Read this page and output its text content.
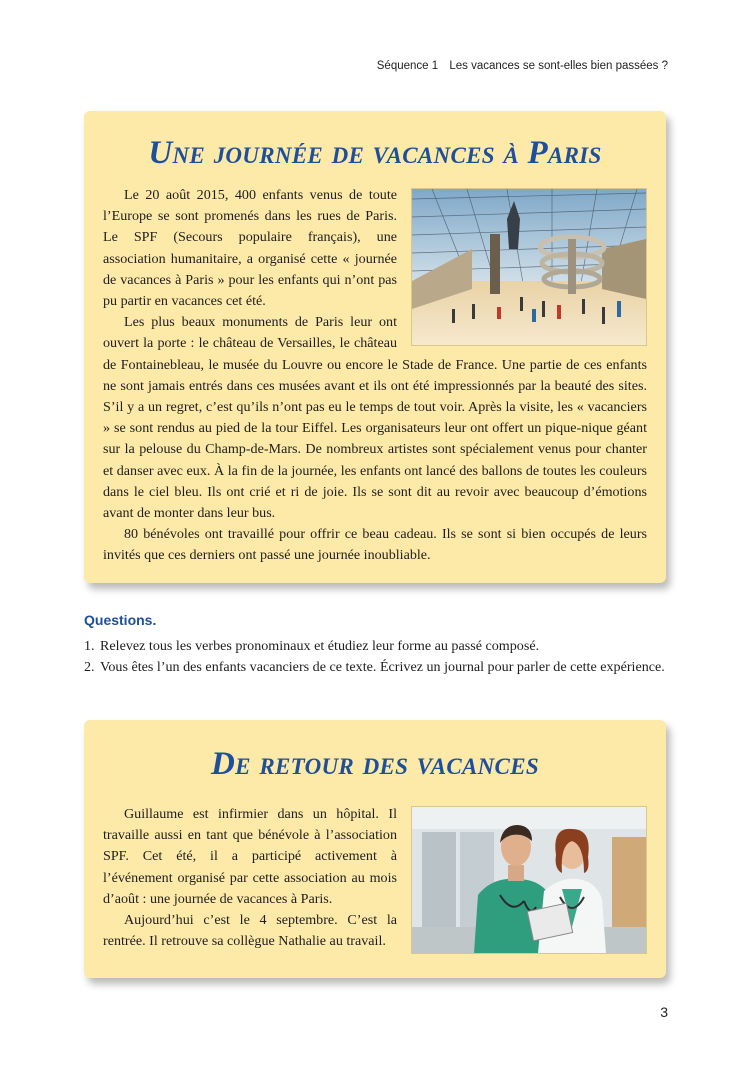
Séquence 1 Les vacances se sont-elles bien passées ?
Une journée de vacances à Paris

Le 20 août 2015, 400 enfants venus de toute l’Europe se sont promenés dans les rues de Paris. Le SPF (Secours populaire français), une association humanitaire, a organisé cette « journée de vacances à Paris » pour les enfants qui n’ont pas pu partir en vacances cet été.

Les plus beaux monuments de Paris leur ont ouvert la porte : le château de Versailles, le château de Fontainebleau, le musée du Louvre ou encore le Stade de France. Une partie de ces enfants ne sont jamais entrés dans ces musées avant et ils ont été impressionnés par la beauté des sites. S’il y a un regret, c’est qu’ils n’ont pas eu le temps de tout voir. Après la visite, les « vacanciers » se sont rendus au pied de la tour Eiffel. Les organisateurs leur ont offert un pique-nique géant sur la pelouse du Champ-de-Mars. De nombreux artistes sont spécialement venus pour chanter et danser avec eux. À la fin de la journée, les enfants ont lancé des ballons de toutes les couleurs dans le ciel bleu. Ils ont crié et ri de joie. Ils se sont dit au revoir avec beaucoup d’émotions avant de monter dans leur bus.

80 bénévoles ont travaillé pour offrir ce beau cadeau. Ils se sont si bien occupés de leurs invités que ces derniers ont passé une journée inoubliable.

Questions.
1. Relevez tous les verbes pronominaux et étudiez leur forme au passé composé.
2. Vous êtes l’un des enfants vacanciers de ce texte. Écrivez un journal pour parler de cette expérience.
De retour des vacances

Guillaume est infirmier dans un hôpital. Il travaille aussi en tant que bénévole à l’association SPF. Cet été, il a participé activement à l’événement organisé par cette association au mois d’août : une journée de vacances à Paris.

Aujourd’hui c’est le 4 septembre. C’est la rentrée. Il retrouve sa collègue Nathalie au travail.

3
